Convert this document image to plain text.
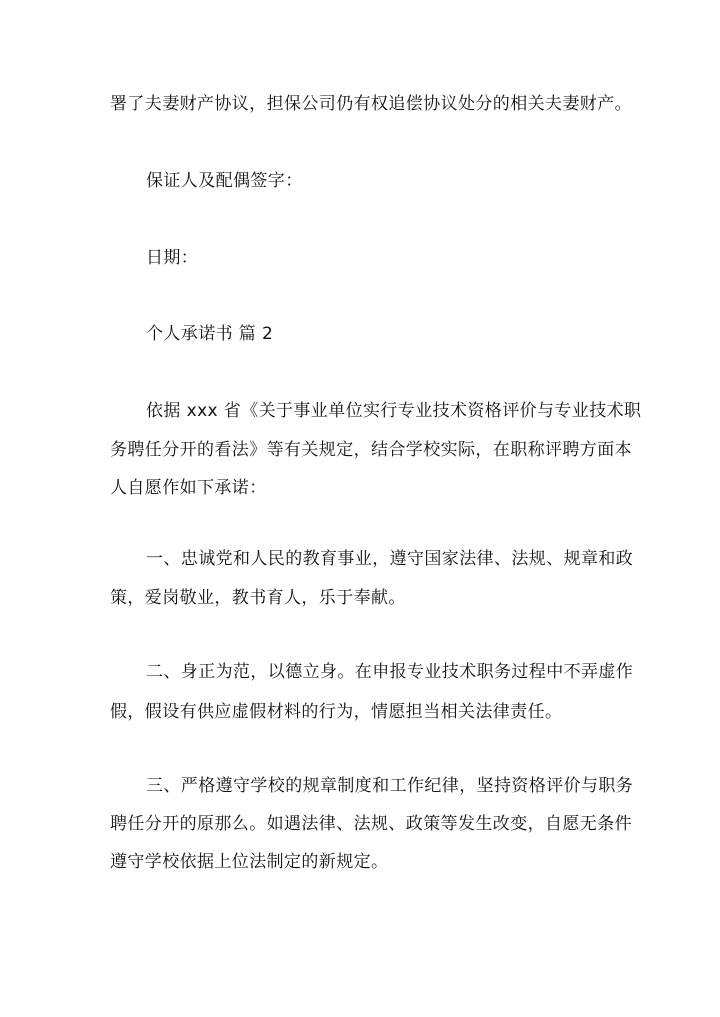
署了夫妻财产协议，担保公司仍有权追偿协议处分的相关夫妻财产。
保证人及配偶签字：
日期：
个人承诺书 篇 2
依据 xxx 省《关于事业单位实行专业技术资格评价与专业技术职
务聘任分开的看法》等有关规定，结合学校实际，在职称评聘方面本
人自愿作如下承诺：
一、忠诚党和人民的教育事业，遵守国家法律、法规、规章和政
策，爱岗敬业，教书育人，乐于奉献。
二、身正为范，以德立身。在申报专业技术职务过程中不弄虚作
假，假设有供应虚假材料的行为，情愿担当相关法律责任。
三、严格遵守学校的规章制度和工作纪律，坚持资格评价与职务
聘任分开的原那么。如遇法律、法规、政策等发生改变，自愿无条件
遵守学校依据上位法制定的新规定。
